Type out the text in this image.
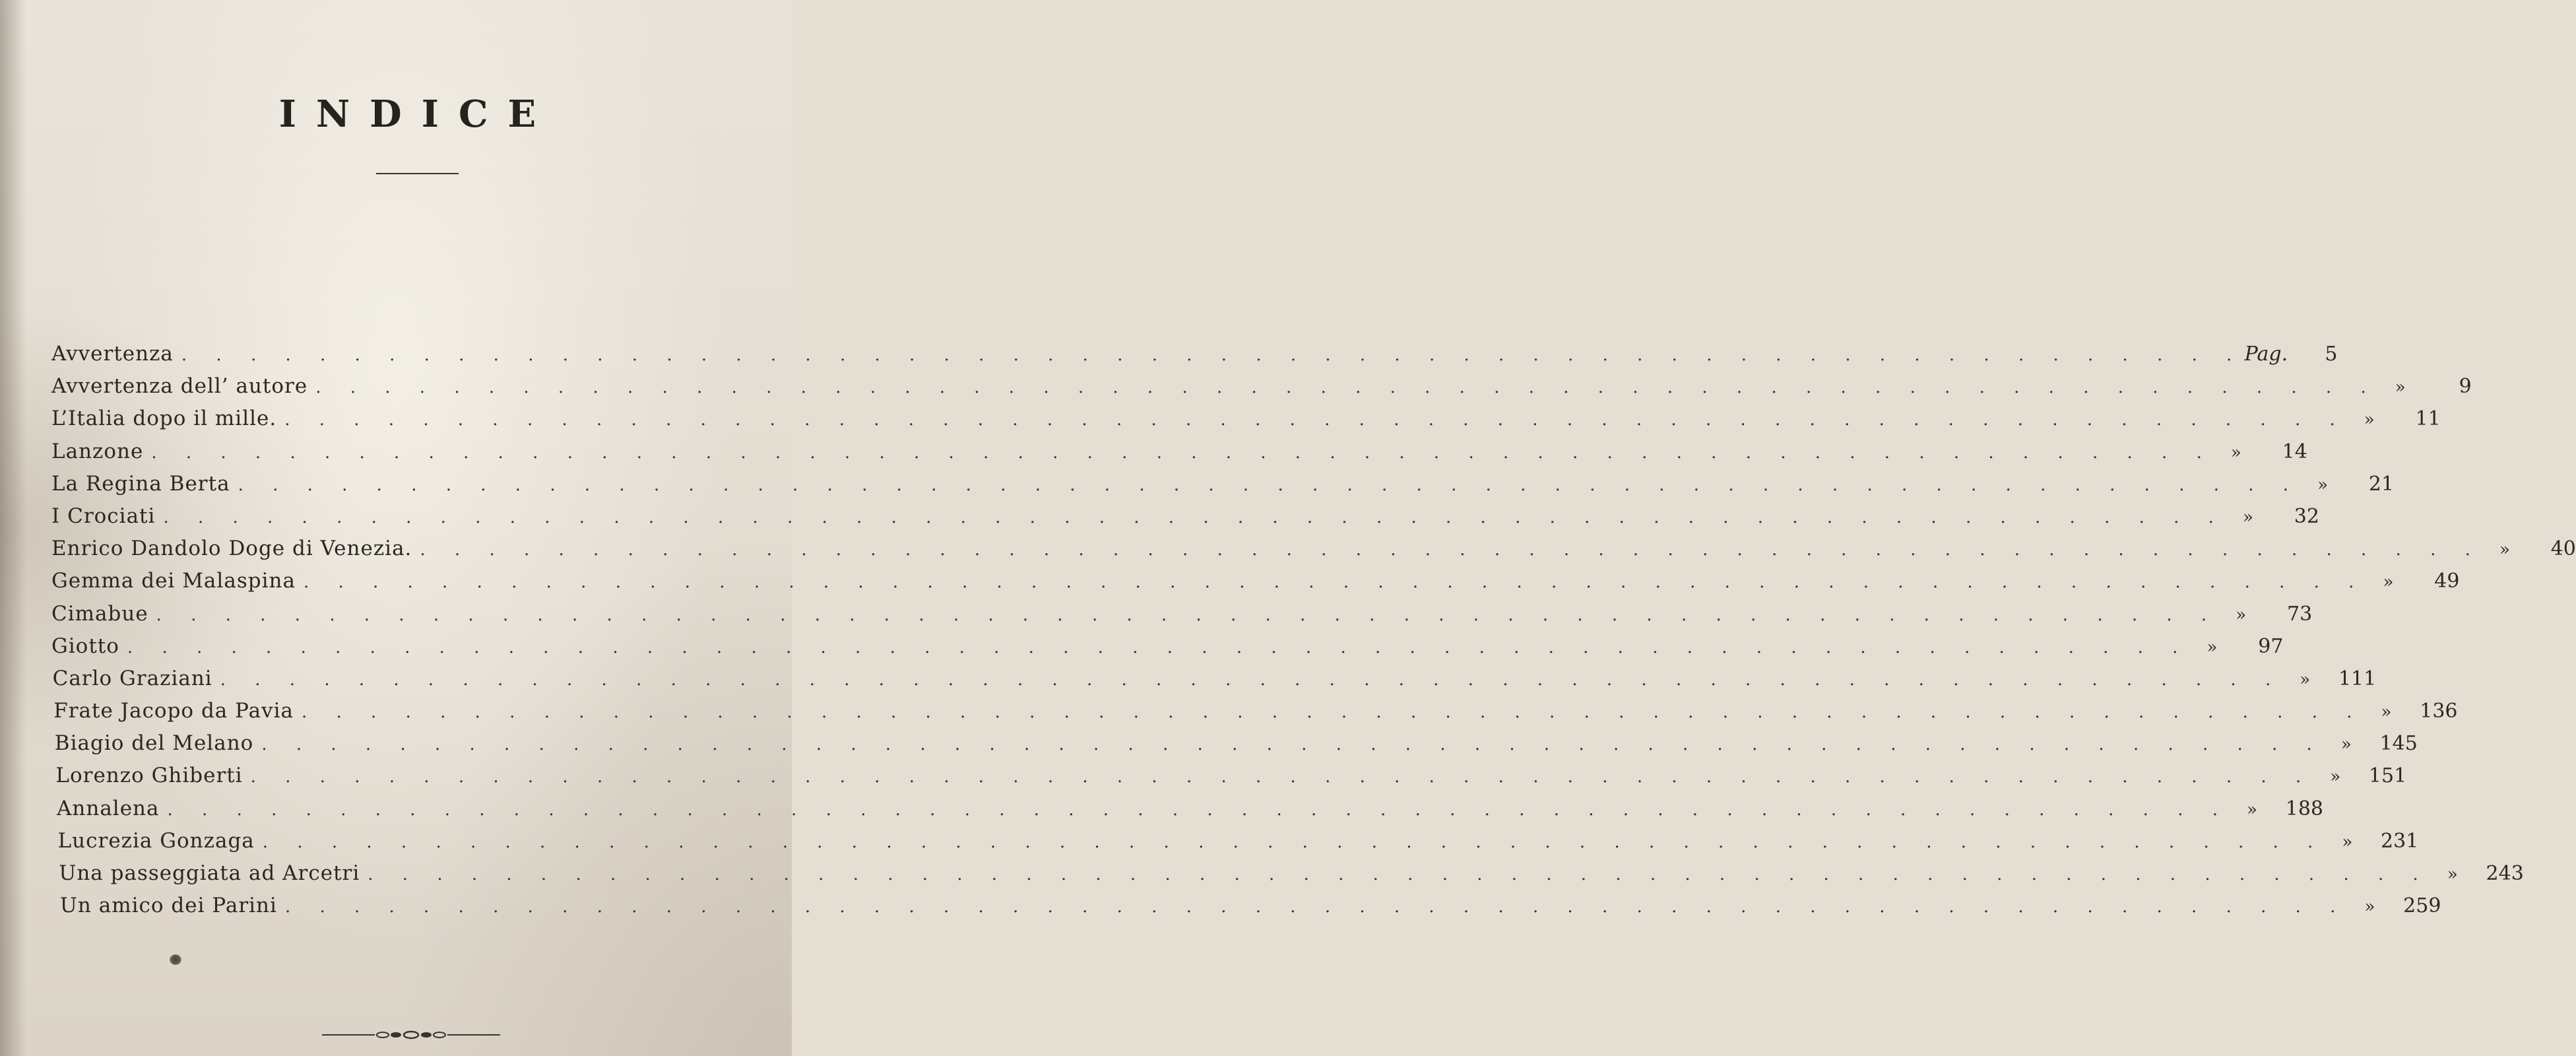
INDICE
Avvertenza . . . . . . . . . . . . . . . . . . . . . . . . . . . . . . . . . . . . . . . . . . . . . . . . . . . . . . . . . . . . Pag.	5
Avvertenza dell’ autore . . . . . . . . . . . . . . . . . . . . . . . . . . . . . . . . . . . . . . . . . . . . . . . . . . . . . . . . . . . .	»	9
L’Italia dopo il mille. . . . . . . . . . . . . . . . . . . . . . . . . . . . . . . . . . . . . . . . . . . . . . . . . . . . . . . . . . . . .	»	11
Lanzone . . . . . . . . . . . . . . . . . . . . . . . . . . . . . . . . . . . . . . . . . . . . . . . . . . . . . . . . . . . .	»	14
La Regina Berta . . . . . . . . . . . . . . . . . . . . . . . . . . . . . . . . . . . . . . . . . . . . . . . . . . . . . . . . . . . .	»	21
I Crociati . . . . . . . . . . . . . . . . . . . . . . . . . . . . . . . . . . . . . . . . . . . . . . . . . . . . . . . . . . . .	»	32
Enrico Dandolo Doge di Venezia. . . . . . . . . . . . . . . . . . . . . . . . . . . . . . . . . . . . . . . . . . . . . . . . . . . . . . . . . . . . .	»	40
Gemma dei Malaspina . . . . . . . . . . . . . . . . . . . . . . . . . . . . . . . . . . . . . . . . . . . . . . . . . . . . . . . . . . . .	»	49
Cimabue . . . . . . . . . . . . . . . . . . . . . . . . . . . . . . . . . . . . . . . . . . . . . . . . . . . . . . . . . . . .	»	73
Giotto . . . . . . . . . . . . . . . . . . . . . . . . . . . . . . . . . . . . . . . . . . . . . . . . . . . . . . . . . . . .	»	97
Carlo Graziani . . . . . . . . . . . . . . . . . . . . . . . . . . . . . . . . . . . . . . . . . . . . . . . . . . . . . . . . . . . .	»	111
Frate Jacopo da Pavia . . . . . . . . . . . . . . . . . . . . . . . . . . . . . . . . . . . . . . . . . . . . . . . . . . . . . . . . . . . .	»	136
Biagio del Melano . . . . . . . . . . . . . . . . . . . . . . . . . . . . . . . . . . . . . . . . . . . . . . . . . . . . . . . . . . . .	»	145
Lorenzo Ghiberti . . . . . . . . . . . . . . . . . . . . . . . . . . . . . . . . . . . . . . . . . . . . . . . . . . . . . . . . . . . .	»	151
Annalena . . . . . . . . . . . . . . . . . . . . . . . . . . . . . . . . . . . . . . . . . . . . . . . . . . . . . . . . . . . .	»	188
Lucrezia Gonzaga . . . . . . . . . . . . . . . . . . . . . . . . . . . . . . . . . . . . . . . . . . . . . . . . . . . . . . . . . . . .	»	231
Una passeggiata ad Arcetri . . . . . . . . . . . . . . . . . . . . . . . . . . . . . . . . . . . . . . . . . . . . . . . . . . . . . . . . . . . .	»	243
Un amico dei Parini . . . . . . . . . . . . . . . . . . . . . . . . . . . . . . . . . . . . . . . . . . . . . . . . . . . . . . . . . . . .	»	259
